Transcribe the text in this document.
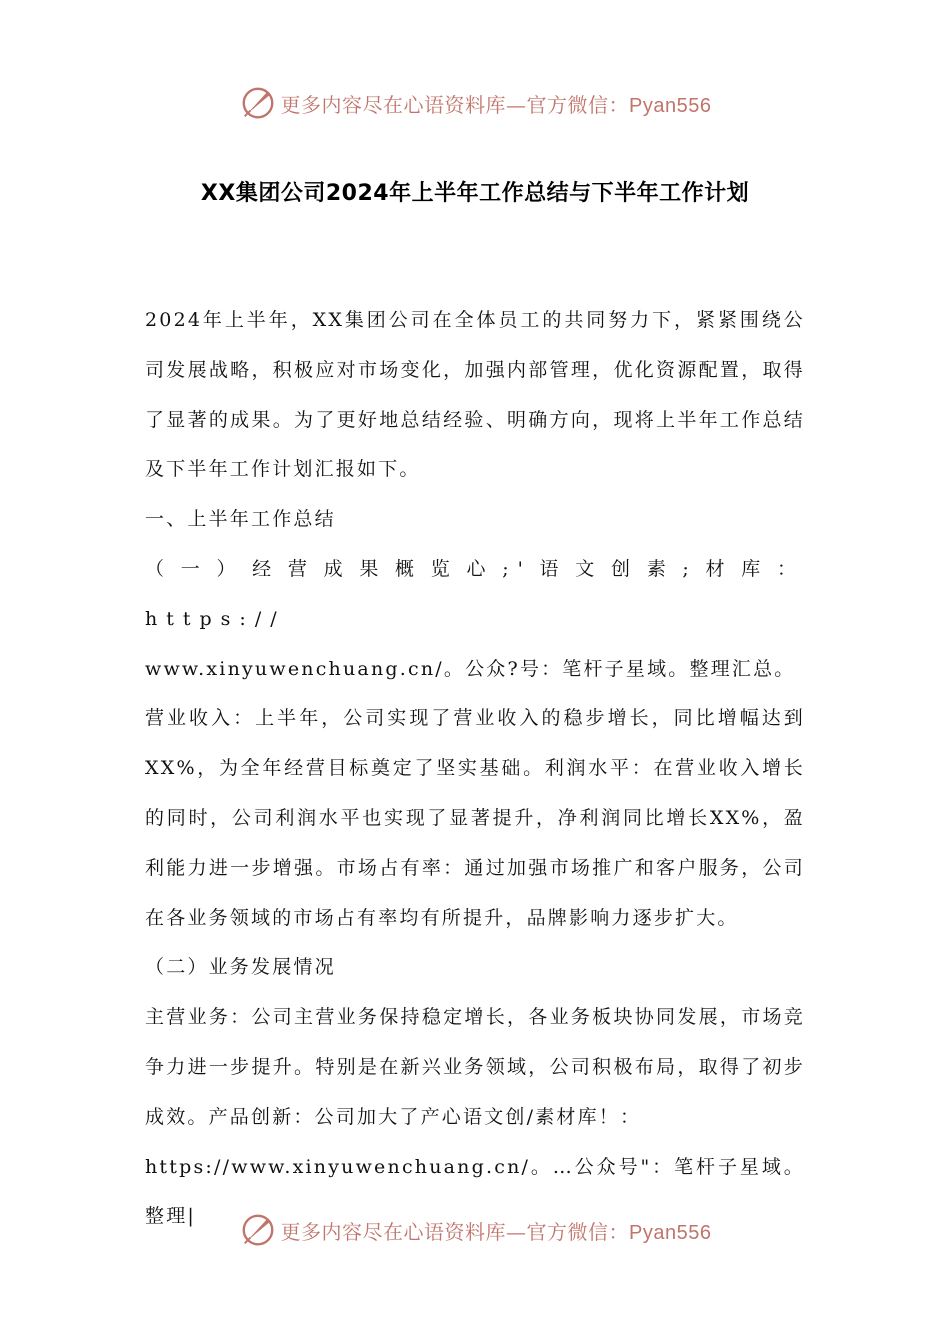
更多内容尽在心语资料库—官方微信：Pyan556
XX集团公司2024年上半年工作总结与下半年工作计划

2024年上半年，XX集团公司在全体员工的共同努力下，紧紧围绕公司发展战略，积极应对市场变化，加强内部管理，优化资源配置，取得了显著的成果。为了更好地总结经验、明确方向，现将上半年工作总结及下半年工作计划汇报如下。

一、上半年工作总结

（一）经营成果概览心;'语文创素;材库：https://

www.xinyuwenchuang.cn/。公众?号：笔杆子星域。整理汇总。

营业收入：上半年，公司实现了营业收入的稳步增长，同比增幅达到XX%，为全年经营目标奠定了坚实基础。利润水平：在营业收入增长的同时，公司利润水平也实现了显著提升，净利润同比增长XX%，盈利能力进一步增强。市场占有率：通过加强市场推广和客户服务，公司在各业务领域的市场占有率均有所提升，品牌影响力逐步扩大。

（二）业务发展情况

主营业务：公司主营业务保持稳定增长，各业务板块协同发展，市场竞争力进一步提升。特别是在新兴业务领域，公司积极布局，取得了初步成效。产品创新：公司加大了产心语文创/素材库！：

https://www.xinyuwenchuang.cn/。…公众号"：笔杆子星域。整理|

更多内容尽在心语资料库—官方微信：Pyan556
